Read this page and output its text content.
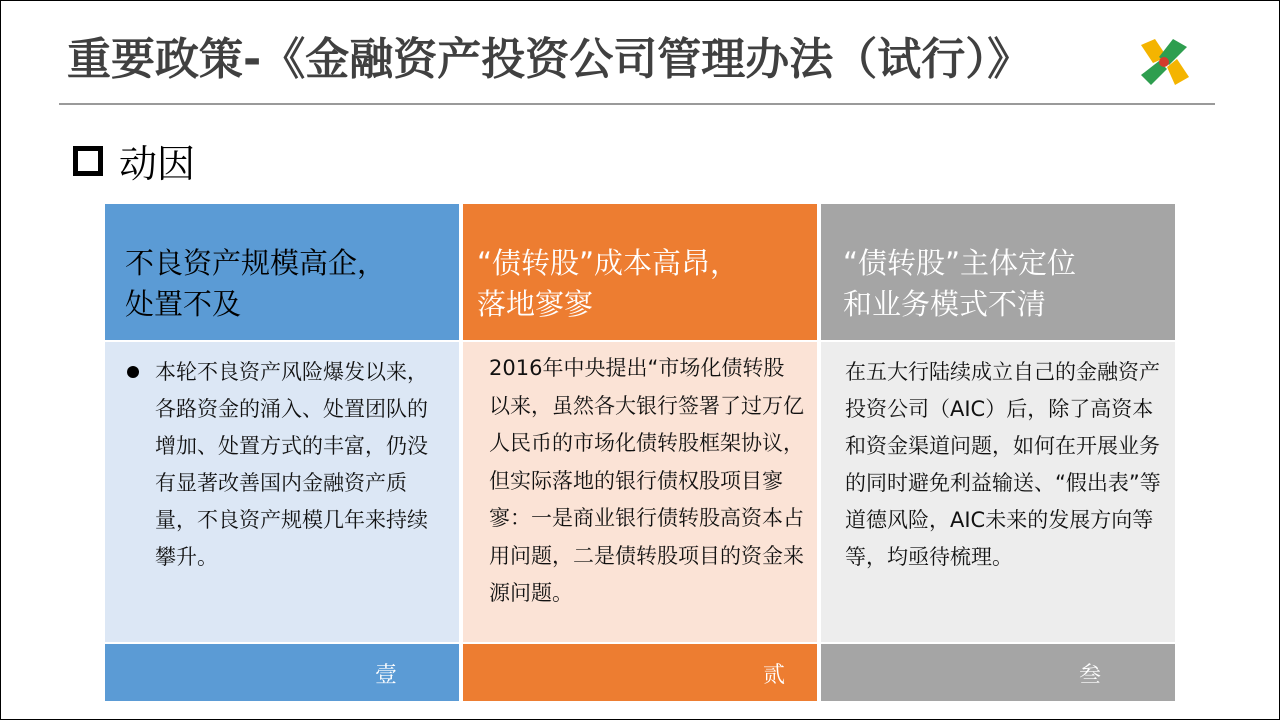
重要政策-《金融资产投资公司管理办法（试行）》
动因
不良资产规模高企，
处置不及
本轮不良资产风险爆发以来，各路资金的涌入、处置团队的增加、处置方式的丰富，仍没有显著改善国内金融资产质量，不良资产规模几年来持续攀升。
壹
“债转股”成本高昂，
落地寥寥
2016年中央提出“市场化债转股以来，虽然各大银行签署了过万亿人民币的市场化债转股框架协议，但实际落地的银行债权股项目寥寥：一是商业银行债转股高资本占用问题，二是债转股项目的资金来源问题。
贰
“债转股”主体定位
和业务模式不清
在五大行陆续成立自己的金融资产投资公司（AIC）后，除了高资本和资金渠道问题，如何在开展业务的同时避免利益输送、“假出表”等道德风险，AIC未来的发展方向等等，均亟待梳理。
叁
